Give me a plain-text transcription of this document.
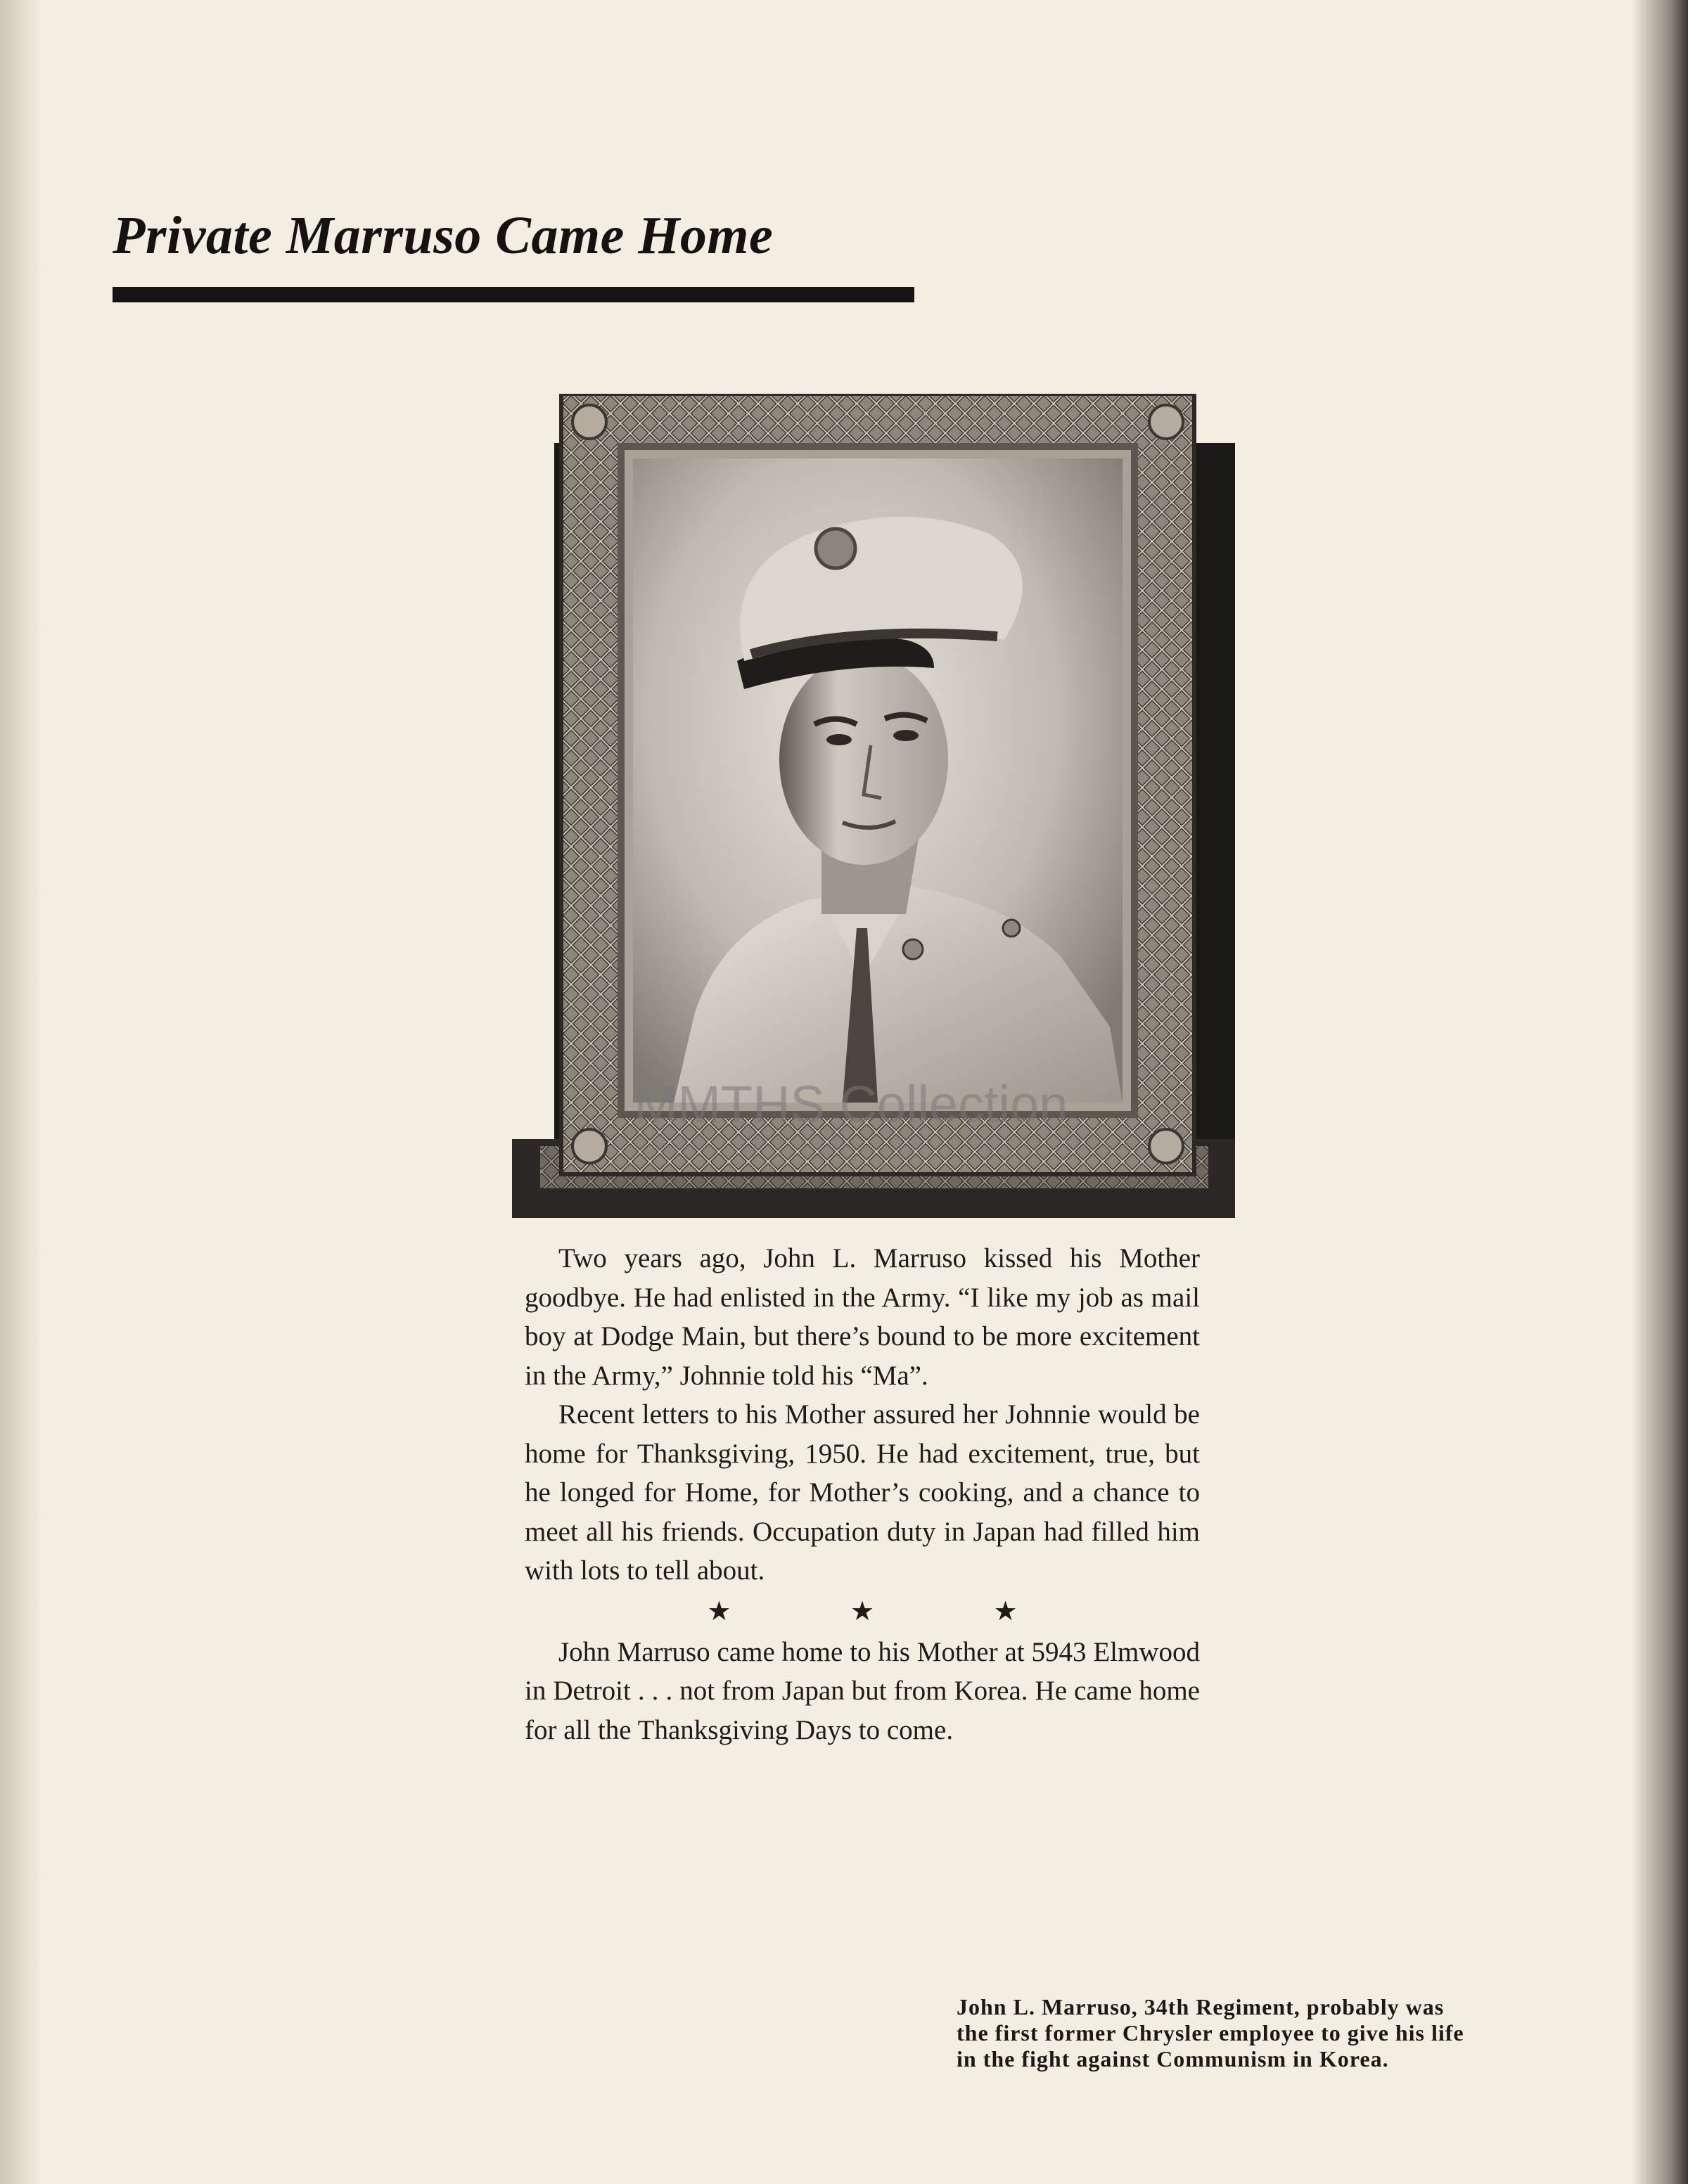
Private Marruso Came Home
MMTHS Collection

Two years ago, John L. Marruso kissed his Mother goodbye. He had enlisted in the Army. “I like my job as mail boy at Dodge Main, but there’s bound to be more excitement in the Army,” Johnnie told his “Ma”.

Recent letters to his Mother assured her Johnnie would be home for Thanksgiving, 1950. He had excitement, true, but he longed for Home, for Mother’s cooking, and a chance to meet all his friends. Occupation duty in Japan had filled him with lots to tell about.

★ ★ ★

John Marruso came home to his Mother at 5943 Elmwood in Detroit . . . not from Japan but from Korea. He came home for all the Thanksgiving Days to come.

John L. Marruso, 34th Regiment, probably was
the first former Chrysler employee to give his life
in the fight against Communism in Korea.
